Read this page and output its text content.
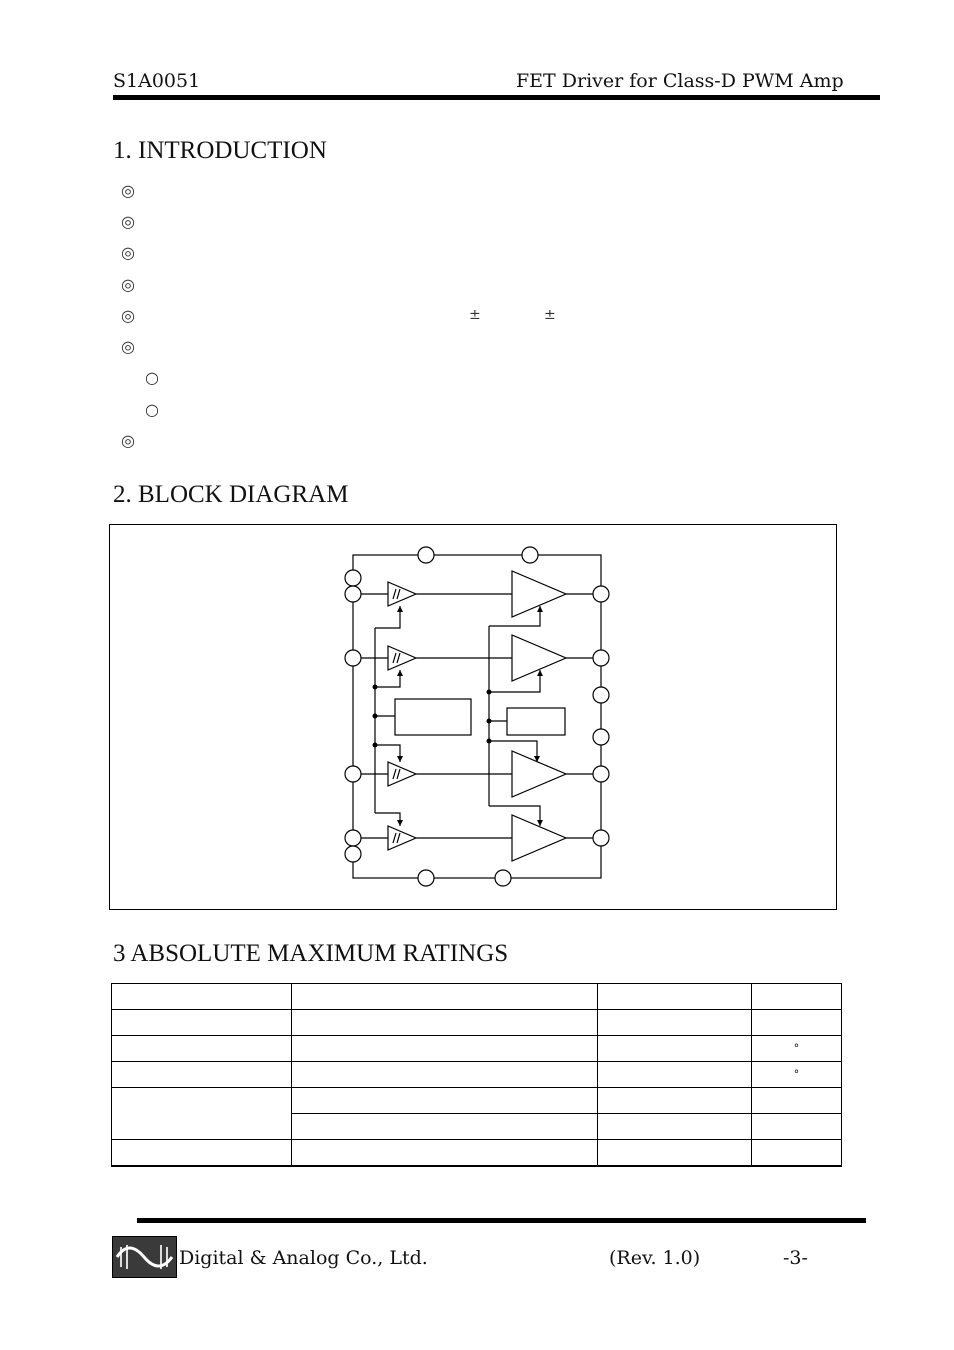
S1A0051	FET Driver for Class-D PWM Amp
1. INTRODUCTION
◎
◎
◎
◎
◎	±	±
◎
○
○
◎
2. BLOCK DIAGRAM
3 ABSOLUTE MAXIMUM RATINGS

			°
			°

Digital & Analog Co., Ltd.	(Rev. 1.0)	-3-
